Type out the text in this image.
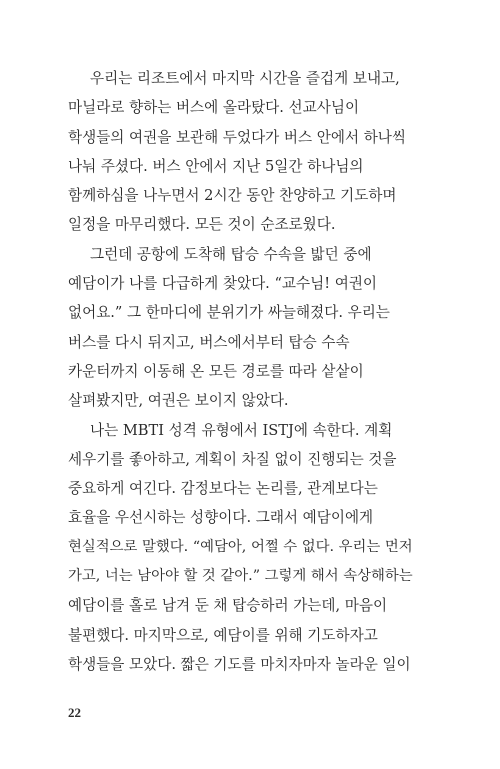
우리는 리조트에서 마지막 시간을 즐겁게 보내고,
마닐라로 향하는 버스에 올라탔다. 선교사님이
학생들의 여권을 보관해 두었다가 버스 안에서 하나씩
나눠 주셨다. 버스 안에서 지난 5일간 하나님의
함께하심을 나누면서 2시간 동안 찬양하고 기도하며
일정을 마무리했다. 모든 것이 순조로웠다.
그런데 공항에 도착해 탑승 수속을 밟던 중에
예담이가 나를 다급하게 찾았다. “교수님! 여권이
없어요.” 그 한마디에 분위기가 싸늘해졌다. 우리는
버스를 다시 뒤지고, 버스에서부터 탑승 수속
카운터까지 이동해 온 모든 경로를 따라 샅샅이
살펴봤지만, 여권은 보이지 않았다.
나는 MBTI 성격 유형에서 ISTJ에 속한다. 계획
세우기를 좋아하고, 계획이 차질 없이 진행되는 것을
중요하게 여긴다. 감정보다는 논리를, 관계보다는
효율을 우선시하는 성향이다. 그래서 예담이에게
현실적으로 말했다. “예담아, 어쩔 수 없다. 우리는 먼저
가고, 너는 남아야 할 것 같아.” 그렇게 해서 속상해하는
예담이를 홀로 남겨 둔 채 탑승하러 가는데, 마음이
불편했다. 마지막으로, 예담이를 위해 기도하자고
학생들을 모았다. 짧은 기도를 마치자마자 놀라운 일이
22
